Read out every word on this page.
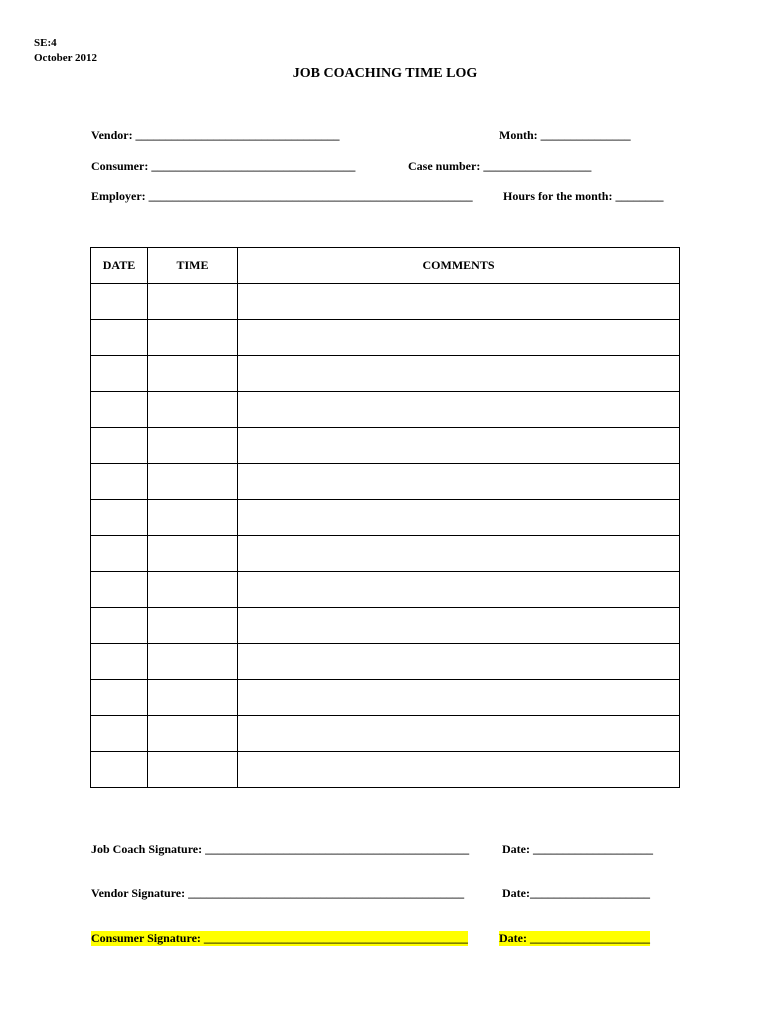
SE:4
October 2012
JOB COACHING TIME LOG
Vendor: __________________________________	Month: _______________
Consumer: __________________________________	Case number: __________________
Employer: ______________________________________________________	Hours for the month: ________
DATE	TIME	COMMENTS

Job Coach Signature: ____________________________________________	Date: ____________________
Vendor Signature: ______________________________________________	Date:____________________
Consumer Signature: ____________________________________________	Date: ____________________
